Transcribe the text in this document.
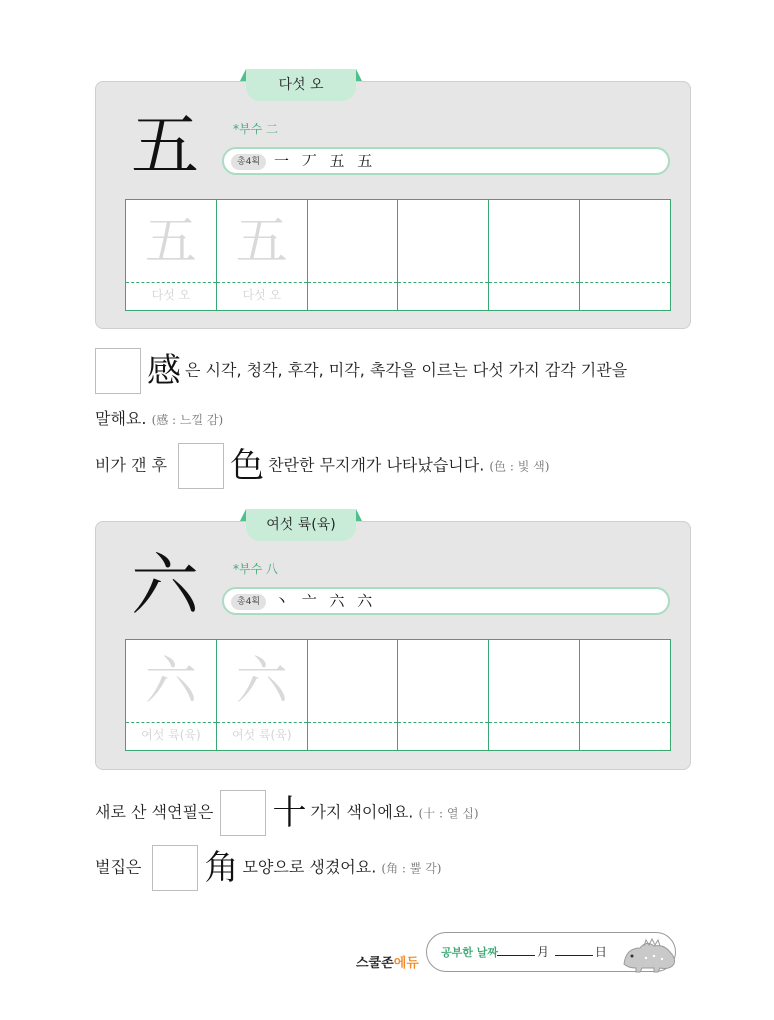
다섯 오
五	*부수 二
총4획 一 丆 五 五
五
다섯 오
五
다섯 오
感은 시각, 청각, 후각, 미각, 촉각을 이르는 다섯 가지 감각 기관을
말해요. (感 : 느낄 감)
비가 갠 후 色 찬란한 무지개가 나타났습니다. (色 : 빛 색)
여섯 륙(육)
六	*부수 八
총4획 丶 亠 六 六
六
여섯 륙(육)
六
여섯 륙(육)
새로 산 색연필은 十 가지 색이에요. (十 : 열 십)
벌집은 角 모양으로 생겼어요. (角 : 뿔 각)
스쿨존에듀
공부한 날짜	月	日
